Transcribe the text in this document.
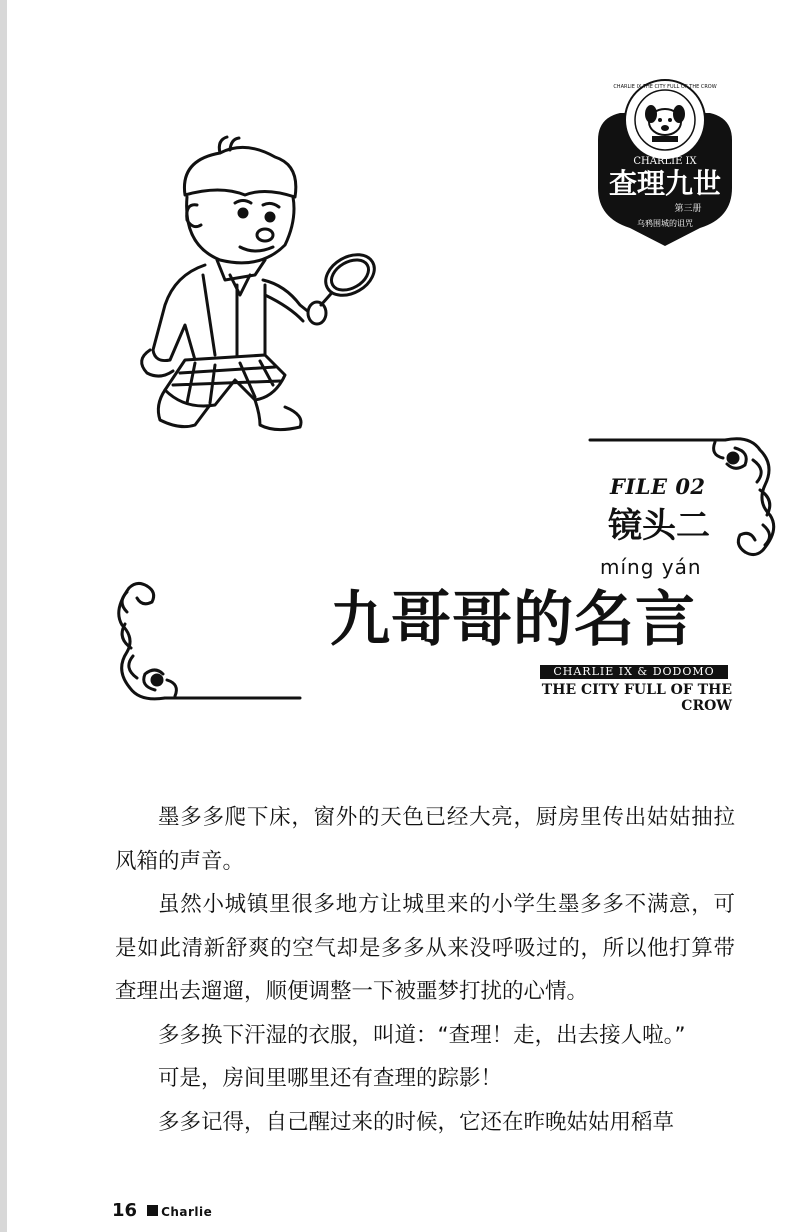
CHARLIE IX THE CITY FULL OF THE CROW
CHARLIE IX
查理九世
第三册
乌鸦围城的诅咒
FILE 02
镜头二
míng yán
九哥哥的名言
CHARLIE IX & DODOMO
THE CITY FULL OF THE CROW

墨多多爬下床，窗外的天色已经大亮，厨房里传出姑姑抽拉风箱的声音。

虽然小城镇里很多地方让城里来的小学生墨多多不满意，可是如此清新舒爽的空气却是多多从来没呼吸过的，所以他打算带查理出去遛遛，顺便调整一下被噩梦打扰的心情。

多多换下汗湿的衣服，叫道：“查理！走，出去接人啦。”

可是，房间里哪里还有查理的踪影！

多多记得，自己醒过来的时候，它还在昨晚姑姑用稻草

16 Charlie
